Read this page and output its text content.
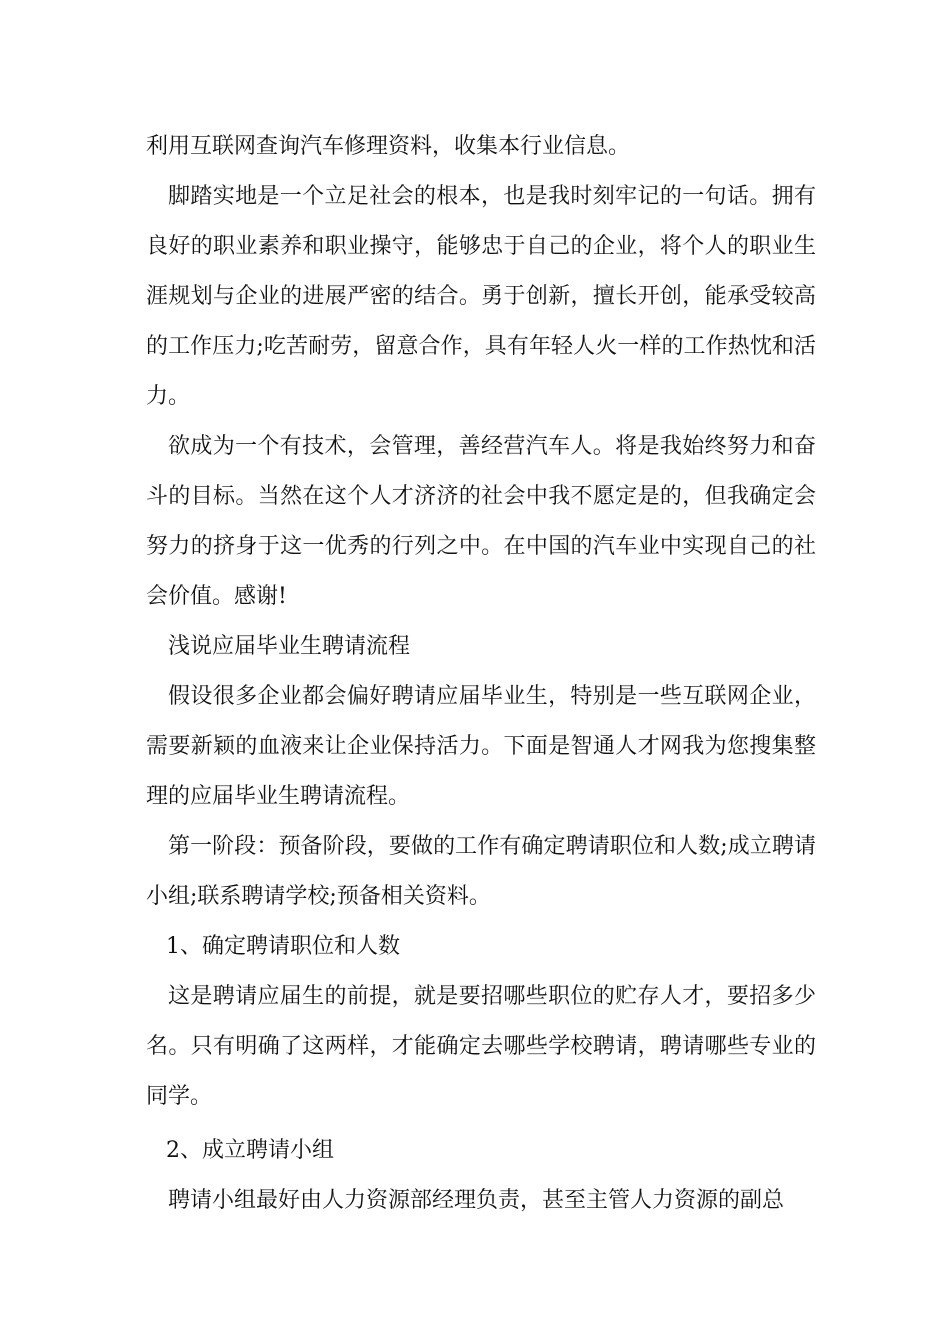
利用互联网查询汽车修理资料，收集本行业信息。

脚踏实地是一个立足社会的根本，也是我时刻牢记的一句话。拥有良好的职业素养和职业操守，能够忠于自己的企业，将个人的职业生涯规划与企业的进展严密的结合。勇于创新，擅长开创，能承受较高的工作压力;吃苦耐劳，留意合作，具有年轻人火一样的工作热忱和活力。

欲成为一个有技术，会管理，善经营汽车人。将是我始终努力和奋斗的目标。当然在这个人才济济的社会中我不愿定是的，但我确定会努力的挤身于这一优秀的行列之中。在中国的汽车业中实现自己的社会价值。感谢!

浅说应届毕业生聘请流程

假设很多企业都会偏好聘请应届毕业生，特别是一些互联网企业，需要新颖的血液来让企业保持活力。下面是智通人才网我为您搜集整理的应届毕业生聘请流程。

第一阶段：预备阶段，要做的工作有确定聘请职位和人数;成立聘请小组;联系聘请学校;预备相关资料。

1、确定聘请职位和人数

这是聘请应届生的前提，就是要招哪些职位的贮存人才，要招多少名。只有明确了这两样，才能确定去哪些学校聘请，聘请哪些专业的同学。

2、成立聘请小组

聘请小组最好由人力资源部经理负责，甚至主管人力资源的副总
